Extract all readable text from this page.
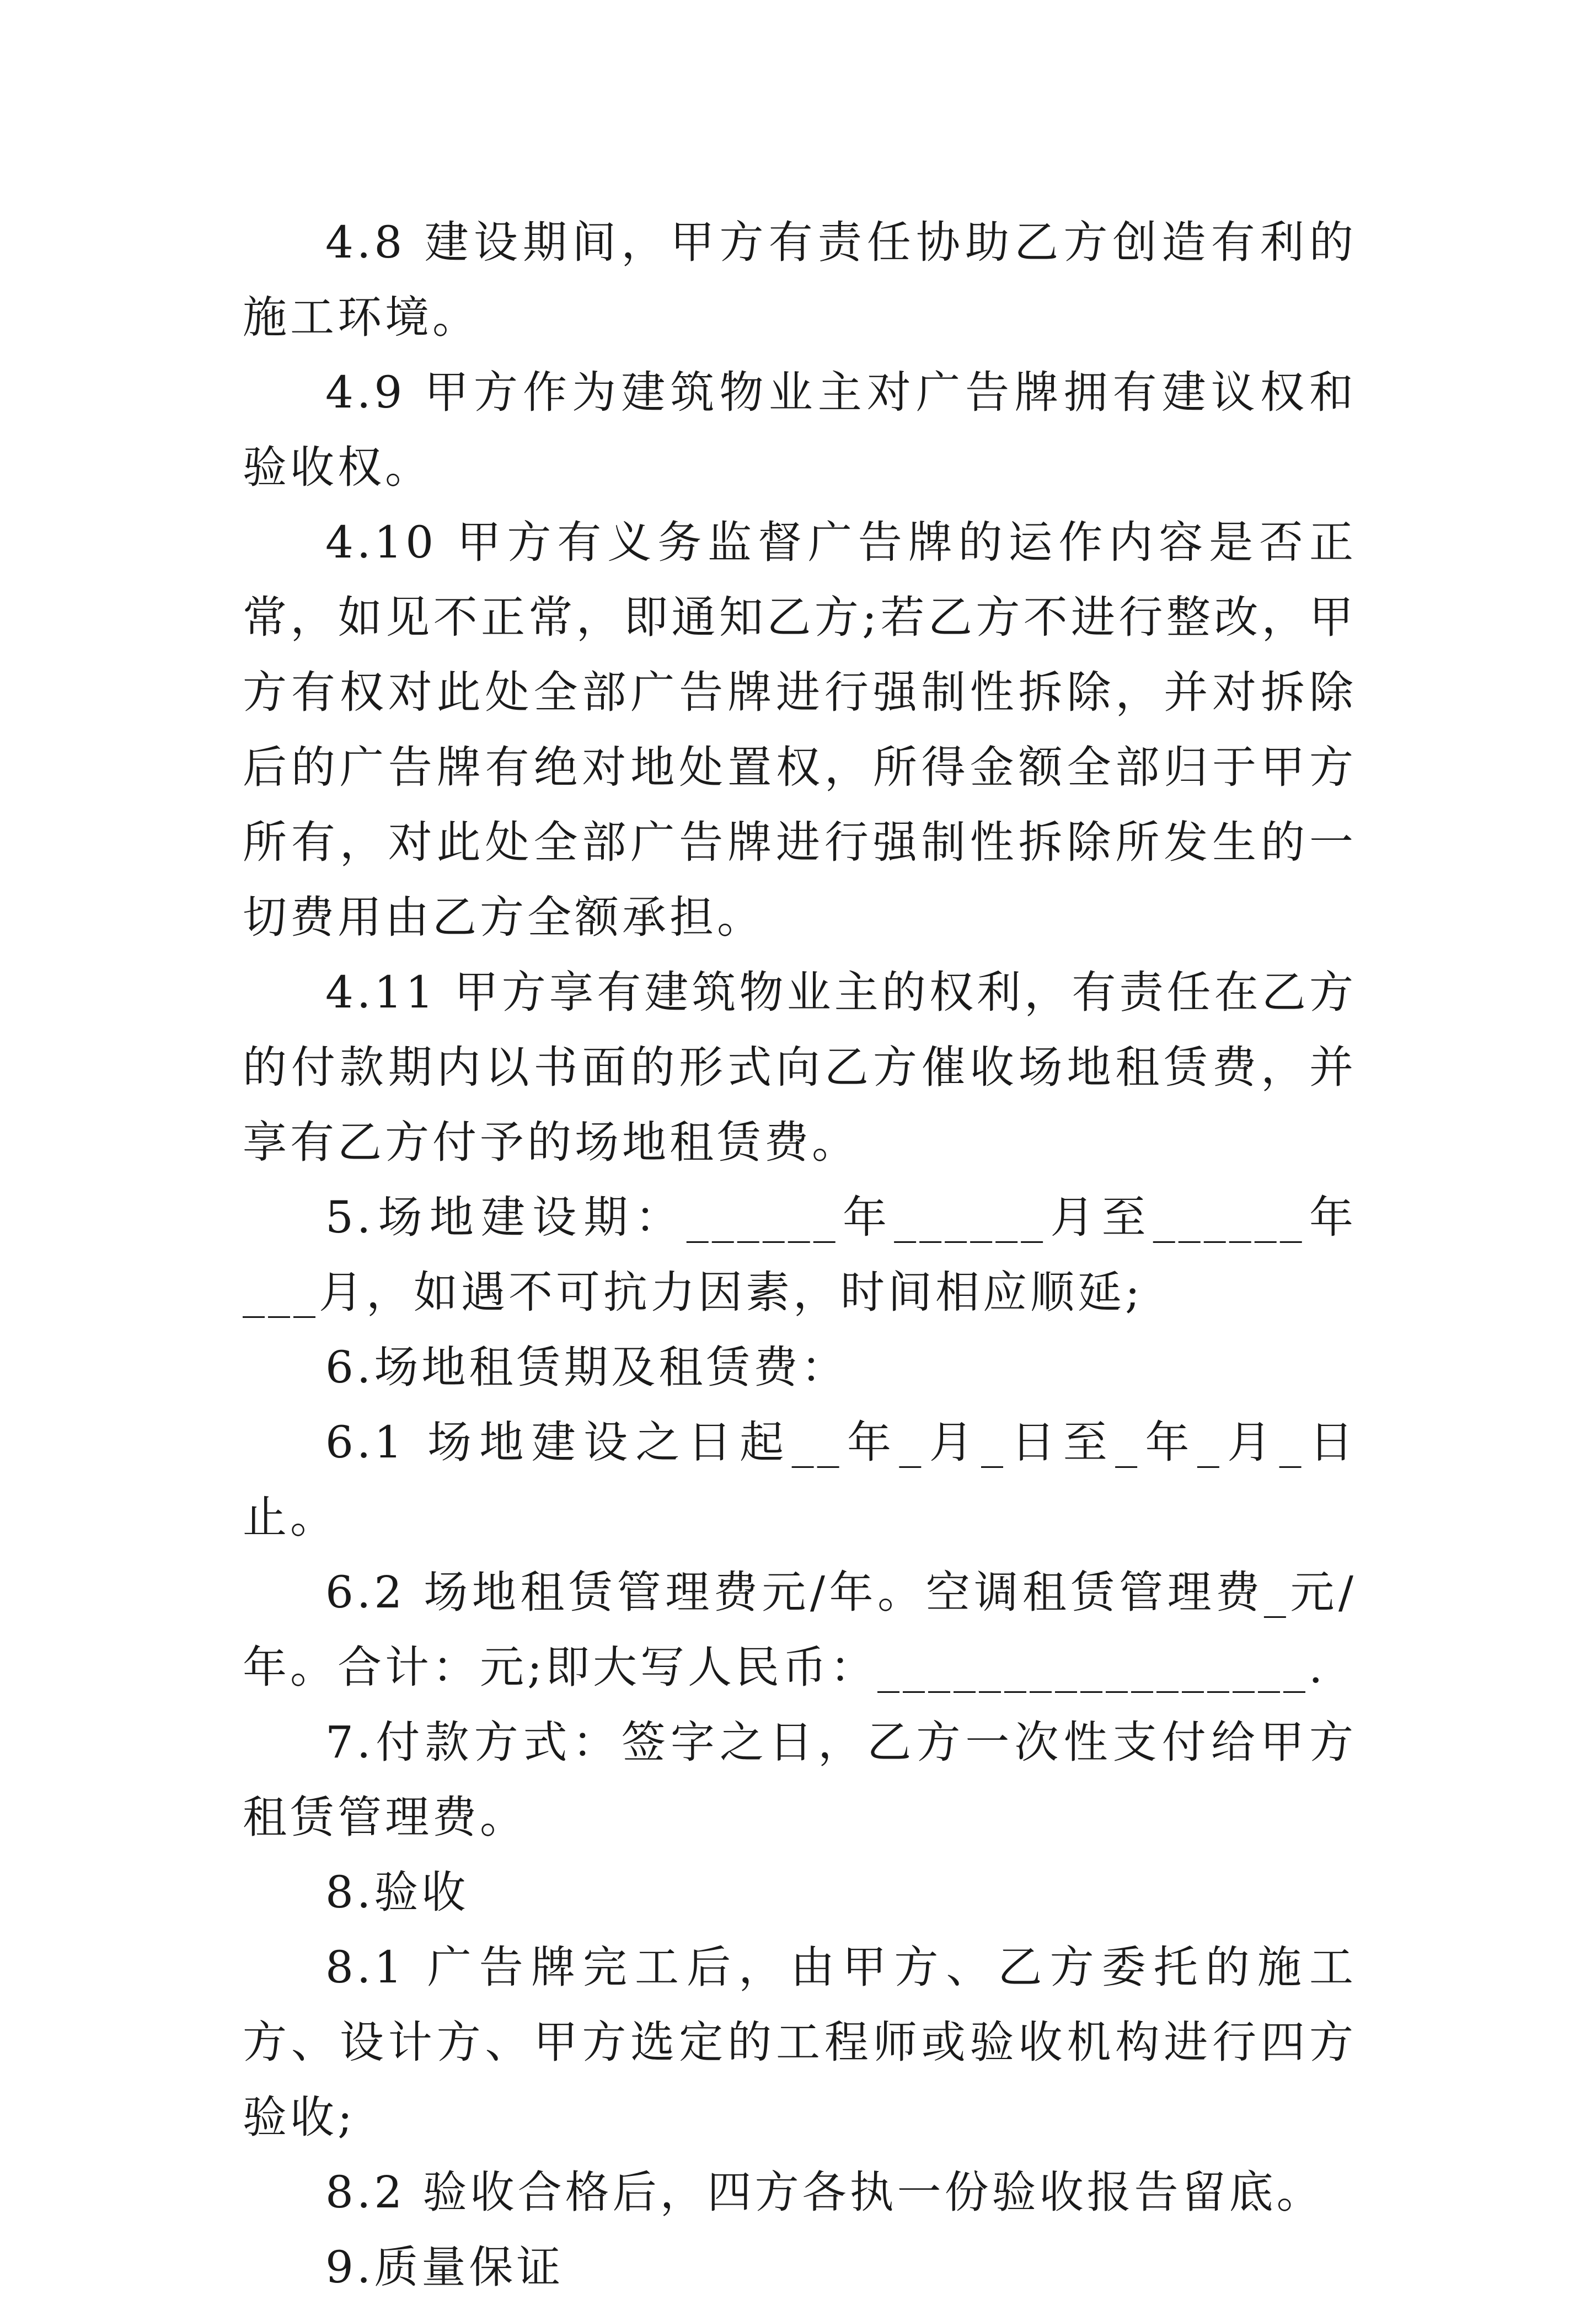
4.8 建设期间，甲方有责任协助乙方创造有利的施工环境。

4.9 甲方作为建筑物业主对广告牌拥有建议权和验收权。

4.10 甲方有义务监督广告牌的运作内容是否正常，如见不正常，即通知乙方;若乙方不进行整改，甲方有权对此处全部广告牌进行强制性拆除，并对拆除后的广告牌有绝对地处置权，所得金额全部归于甲方所有，对此处全部广告牌进行强制性拆除所发生的一切费用由乙方全额承担。

4.11 甲方享有建筑物业主的权利，有责任在乙方的付款期内以书面的形式向乙方催收场地租赁费，并享有乙方付予的场地租赁费。

5.场地建设期：______年______月至______年___月，如遇不可抗力因素，时间相应顺延;

6.场地租赁期及租赁费：

6.1 场地建设之日起__年_月_日至_年_月_日止。

6.2 场地租赁管理费元/年。空调租赁管理费_元/年。合计：元;即大写人民币：_________________.

7.付款方式：签字之日，乙方一次性支付给甲方租赁管理费。

8.验收

8.1 广告牌完工后，由甲方、乙方委托的施工方、设计方、甲方选定的工程师或验收机构进行四方验收;

8.2 验收合格后，四方各执一份验收报告留底。

9.质量保证
